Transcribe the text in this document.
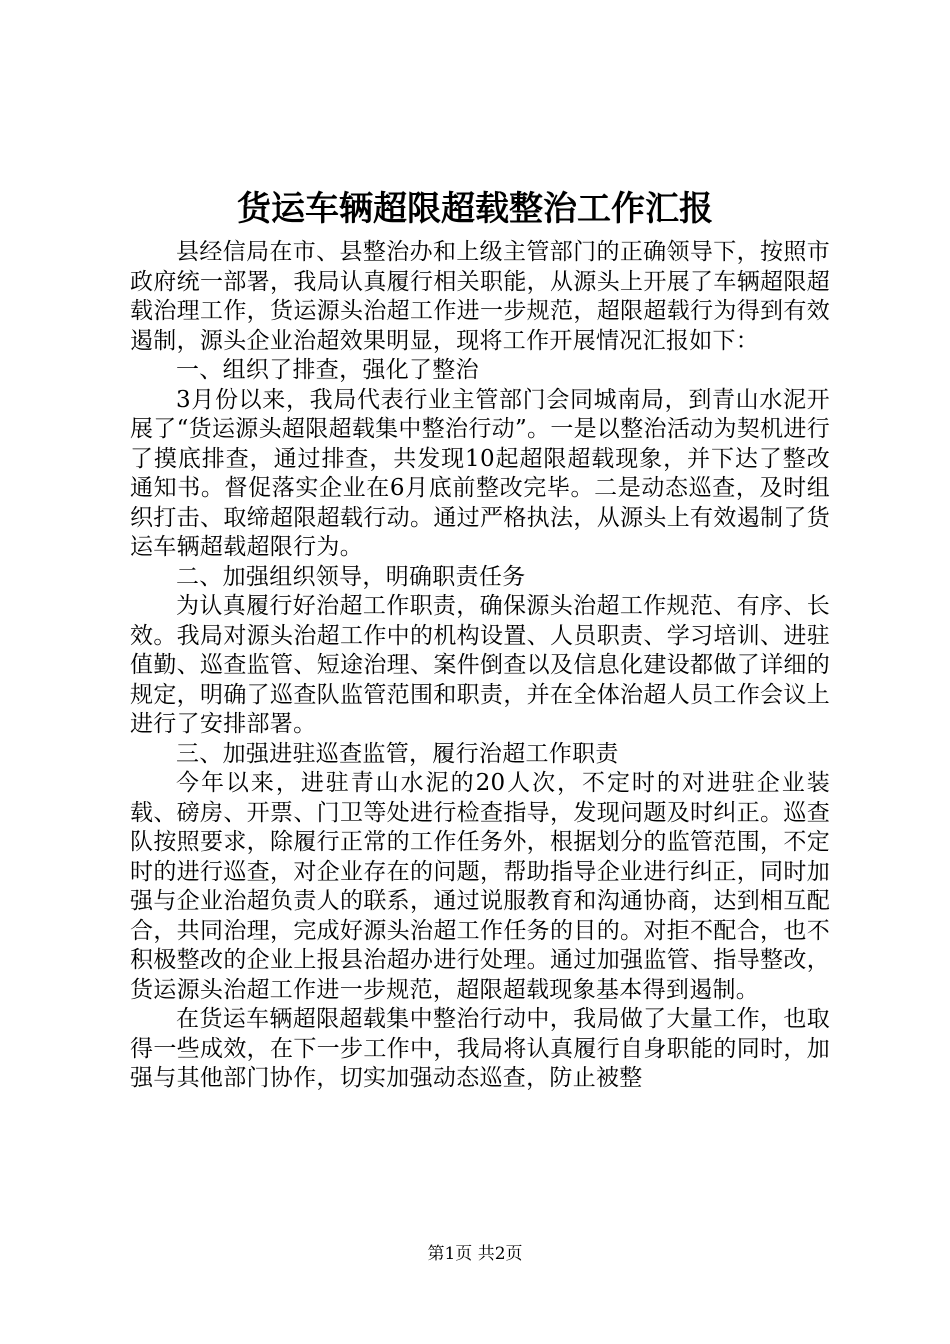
货运车辆超限超载整治工作汇报

县经信局在市、县整治办和上级主管部门的正确领导下，按照市政府统一部署，我局认真履行相关职能，从源头上开展了车辆超限超载治理工作，货运源头治超工作进一步规范，超限超载行为得到有效遏制，源头企业治超效果明显，现将工作开展情况汇报如下：

一、组织了排查，强化了整治

3月份以来，我局代表行业主管部门会同城南局，到青山水泥开展了“货运源头超限超载集中整治行动”。一是以整治活动为契机进行了摸底排查，通过排查，共发现10起超限超载现象，并下达了整改通知书。督促落实企业在6月底前整改完毕。二是动态巡查，及时组织打击、取缔超限超载行动。通过严格执法，从源头上有效遏制了货运车辆超载超限行为。

二、加强组织领导，明确职责任务

为认真履行好治超工作职责，确保源头治超工作规范、有序、长效。我局对源头治超工作中的机构设置、人员职责、学习培训、进驻值勤、巡查监管、短途治理、案件倒查以及信息化建设都做了详细的规定，明确了巡查队监管范围和职责，并在全体治超人员工作会议上进行了安排部署。

三、加强进驻巡查监管，履行治超工作职责

今年以来，进驻青山水泥的20人次，不定时的对进驻企业装载、磅房、开票、门卫等处进行检查指导，发现问题及时纠正。巡查队按照要求，除履行正常的工作任务外，根据划分的监管范围，不定时的进行巡查，对企业存在的问题，帮助指导企业进行纠正，同时加强与企业治超负责人的联系，通过说服教育和沟通协商，达到相互配合，共同治理，完成好源头治超工作任务的目的。对拒不配合，也不积极整改的企业上报县治超办进行处理。通过加强监管、指导整改，货运源头治超工作进一步规范，超限超载现象基本得到遏制。

在货运车辆超限超载集中整治行动中，我局做了大量工作，也取得一些成效，在下一步工作中，我局将认真履行自身职能的同时，加强与其他部门协作，切实加强动态巡查，防止被整

第1页 共2页
